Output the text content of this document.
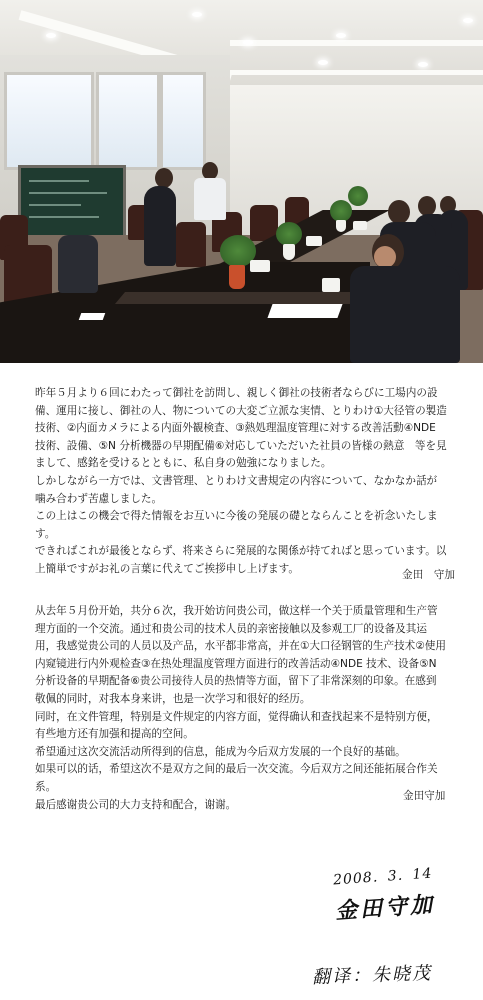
昨年５月より６回にわたって御社を訪問し、親しく御社の技術者ならびに工場内の設備、運用に接し、御社の人、物についての大変ご立派な実情、とりわけ①大径管の製造技術、②内面カメラによる内面外観検査、③熱処理温度管理に対する改善活動④NDE 技術、設備、⑤N 分析機器の早期配備⑥対応していただいた社員の皆様の熱意　等を見まして、感銘を受けるとともに、私自身の勉強になりました。

しかしながら一方では、文書管理、とりわけ文書規定の内容について、なかなか話が噛み合わず苦慮しました。

この上はこの機会で得た情報をお互いに今後の発展の礎とならんことを祈念いたします。

できればこれが最後とならず、将来さらに発展的な関係が持てればと思っています。以上簡単ですがお礼の言葉に代えてご挨拶申し上げます。

金田　守加

从去年５月份开始，共分６次，我开始访问贵公司，做这样一个关于质量管理和生产管理方面的一个交流。通过和贵公司的技术人员的亲密接触以及参观工厂的设备及其运用，我感觉贵公司的人员以及产品，水平都非常高，并在①大口径钢管的生产技术②使用内窥镜进行内外观检查③在热处理温度管理方面进行的改善活动④NDE 技术、设备⑤N 分析设备的早期配备⑥贵公司接待人员的热情等方面，留下了非常深刻的印象。在感到敬佩的同时，对我本身来讲，也是一次学习和很好的经历。

同时，在文件管理，特别是文件规定的内容方面，觉得确认和查找起来不是特别方便，有些地方还有加强和提高的空间。

希望通过这次交流活动所得到的信息，能成为今后双方发展的一个良好的基础。

如果可以的话，希望这次不是双方之间的最后一次交流。今后双方之间还能拓展合作关系。

最后感谢贵公司的大力支持和配合，谢谢。

金田守加
2008．3．14
金田守加
翻译：朱晓茂
